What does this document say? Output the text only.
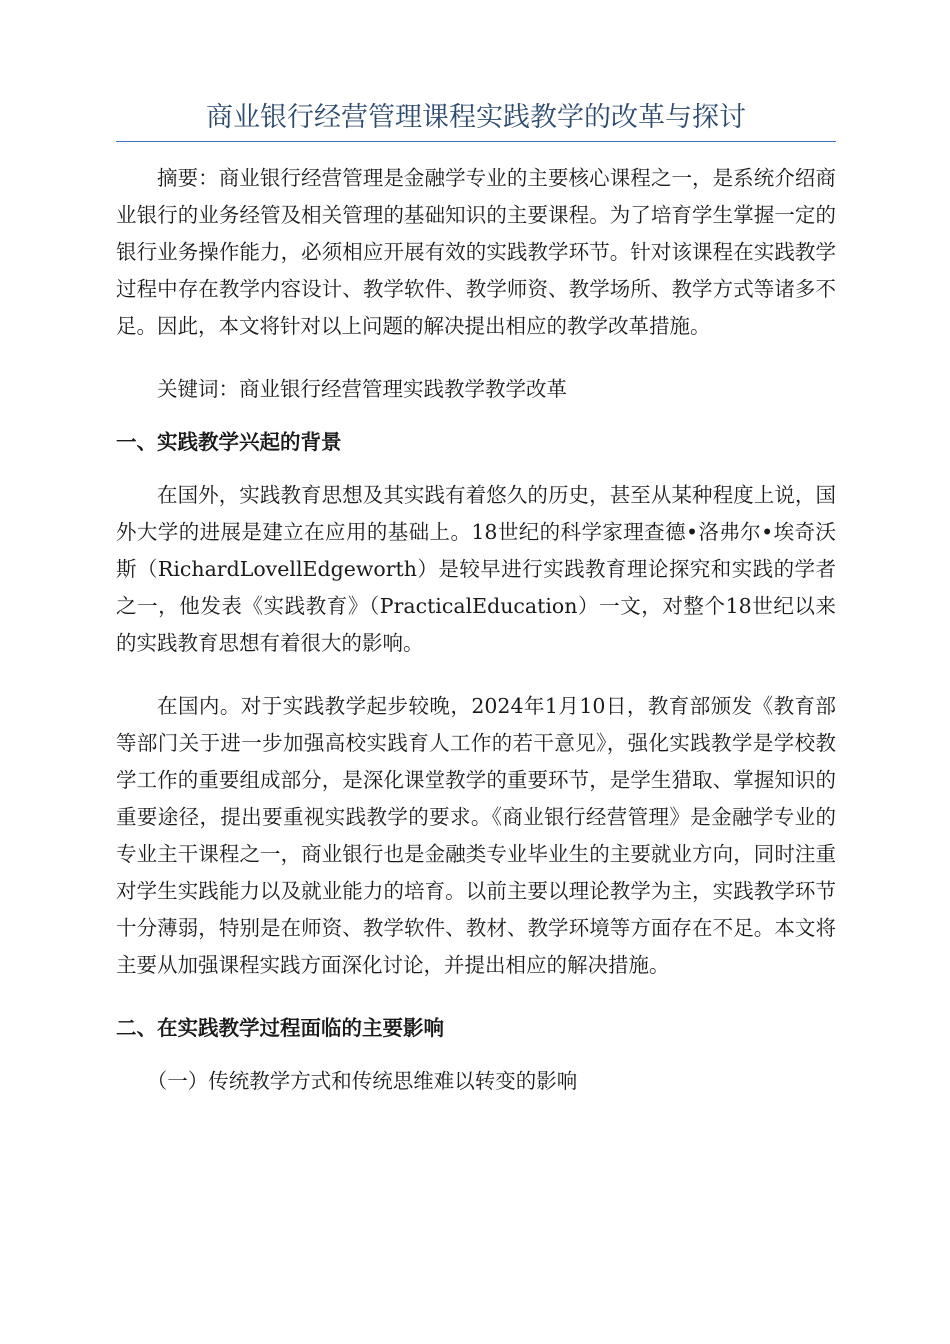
商业银行经营管理课程实践教学的改革与探讨

摘要：商业银行经营管理是金融学专业的主要核心课程之一，是系统介绍商业银行的业务经管及相关管理的基础知识的主要课程。为了培育学生掌握一定的银行业务操作能力，必须相应开展有效的实践教学环节。针对该课程在实践教学过程中存在教学内容设计、教学软件、教学师资、教学场所、教学方式等诸多不足。因此，本文将针对以上问题的解决提出相应的教学改革措施。

关键词：商业银行经营管理实践教学教学改革

一、实践教学兴起的背景

在国外，实践教育思想及其实践有着悠久的历史，甚至从某种程度上说，国外大学的进展是建立在应用的基础上。18世纪的科学家理查德•洛弗尔•埃奇沃斯（RichardLovellEdgeworth）是较早进行实践教育理论探究和实践的学者之一，他发表《实践教育》（PracticalEducation）一文，对整个18世纪以来的实践教育思想有着很大的影响。

在国内。对于实践教学起步较晚，2024年1月10日，教育部颁发《教育部等部门关于进一步加强高校实践育人工作的若干意见》，强化实践教学是学校教学工作的重要组成部分，是深化课堂教学的重要环节，是学生猎取、掌握知识的重要途径，提出要重视实践教学的要求。《商业银行经营管理》是金融学专业的专业主干课程之一，商业银行也是金融类专业毕业生的主要就业方向，同时注重对学生实践能力以及就业能力的培育。以前主要以理论教学为主，实践教学环节十分薄弱，特别是在师资、教学软件、教材、教学环境等方面存在不足。本文将主要从加强课程实践方面深化讨论，并提出相应的解决措施。

二、在实践教学过程面临的主要影响

（一）传统教学方式和传统思维难以转变的影响
